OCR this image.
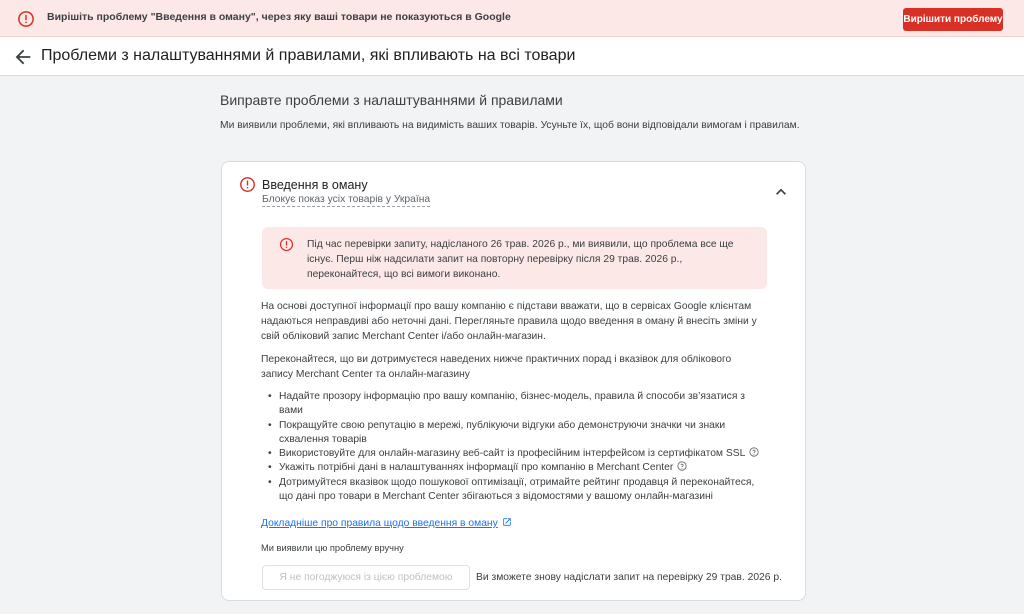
Вирішіть проблему "Введення в оману", через яку ваші товари не показуються в Google	Вирішити проблему
Проблеми з налаштуваннями й правилами, які впливають на всі товари
Виправте проблеми з налаштуваннями й правилами
Ми виявили проблеми, які впливають на видимість ваших товарів. Усуньте їх, щоб вони відповідали вимогам і правилам.
Введення в оману
Блокує показ усіх товарів у Україна
Під час перевірки запиту, надісланого 26 трав. 2026 р., ми виявили, що проблема все ще існує. Перш ніж надсилати запит на повторну перевірку після 29 трав. 2026 р., переконайтеся, що всі вимоги виконано.
На основі доступної інформації про вашу компанію є підстави вважати, що в сервісах Google клієнтам надаються неправдиві або неточні дані. Перегляньте правила щодо введення в оману й внесіть зміни у свій обліковий запис Merchant Center і/або онлайн-магазин.
Переконайтеся, що ви дотримуєтеся наведених нижче практичних порад і вказівок для облікового запису Merchant Center та онлайн-магазину
• Надайте прозору інформацію про вашу компанію, бізнес-модель, правила й способи зв’язатися з вами
• Покращуйте свою репутацію в мережі, публікуючи відгуки або демонструючи значки чи знаки схвалення товарів
• Використовуйте для онлайн-магазину веб-сайт із професійним інтерфейсом із сертифікатом SSL
• Укажіть потрібні дані в налаштуваннях інформації про компанію в Merchant Center
• Дотримуйтеся вказівок щодо пошукової оптимізації, отримайте рейтинг продавця й переконайтеся, що дані про товари в Merchant Center збігаються з відомостями у вашому онлайн-магазині
Докладніше про правила щодо введення в оману
Ми виявили цю проблему вручну
Я не погоджуюся із цією проблемою	Ви зможете знову надіслати запит на перевірку 29 трав. 2026 р.
